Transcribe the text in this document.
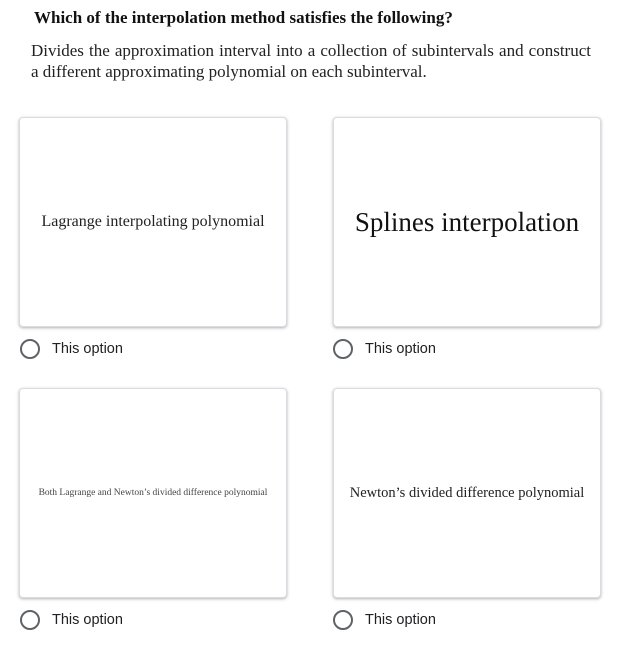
Which of the interpolation method satisfies the following?
Divides the approximation interval into a collection of subintervals and construct a different approximating polynomial on each subinterval.
Lagrange interpolating polynomial
This option
Splines interpolation
This option
Both Lagrange and Newton’s divided difference polynomial
This option
Newton’s divided difference polynomial
This option
